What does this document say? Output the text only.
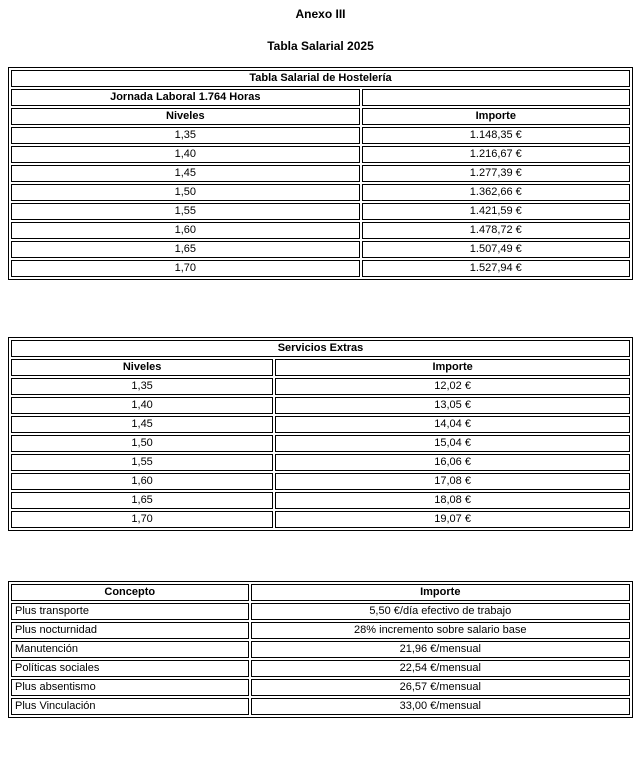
Anexo III
Tabla Salarial 2025
Tabla Salarial de Hostelería	
Jornada Laboral 1.764 Horas	
Niveles	Importe
1,35	1.148,35 €
1,40	1.216,67 €
1,45	1.277,39 €
1,50	1.362,66 €
1,55	1.421,59 €
1,60	1.478,72 €
1,65	1.507,49 €
1,70	1.527,94 €
Servicios Extras	
Niveles	Importe
1,35	12,02 €
1,40	13,05 €
1,45	14,04 €
1,50	15,04 €
1,55	16,06 €
1,60	17,08 €
1,65	18,08 €
1,70	19,07 €
Concepto	Importe
Plus transporte	5,50 €/día efectivo de trabajo
Plus nocturnidad	28% incremento sobre salario base
Manutención	21,96 €/mensual
Políticas sociales	22,54 €/mensual
Plus absentismo	26,57 €/mensual
Plus Vinculación	33,00 €/mensual
